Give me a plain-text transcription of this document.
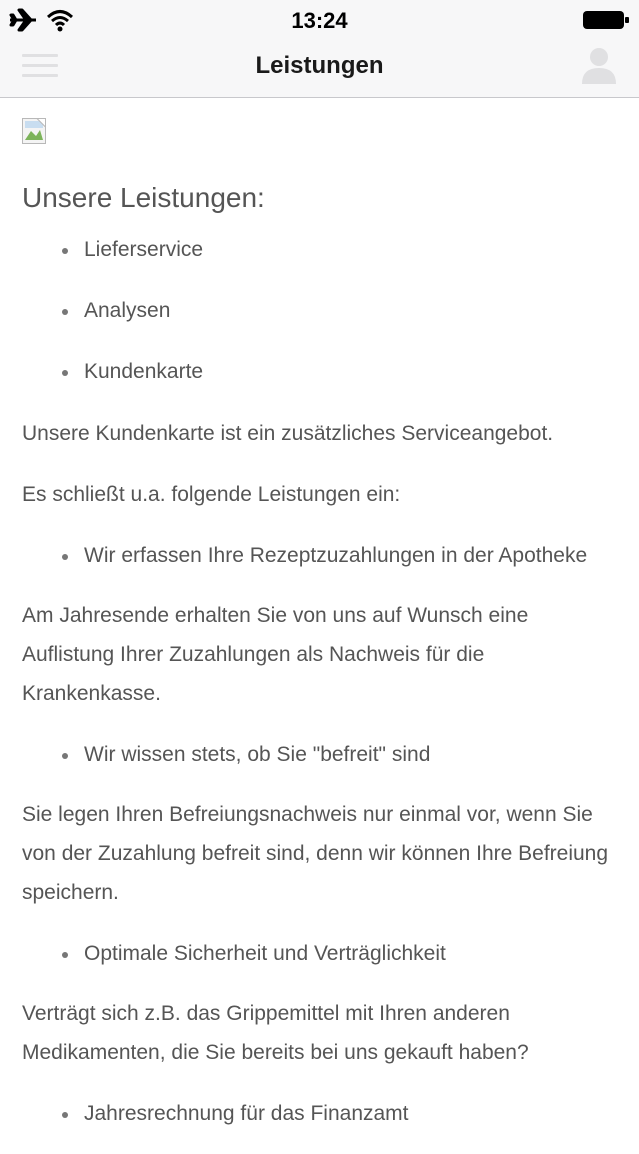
13:24
Leistungen
Unsere Leistungen:
Lieferservice
Analysen
Kundenkarte

Unsere Kundenkarte ist ein zusätzliches Serviceangebot.

Es schließt u.a. folgende Leistungen ein:

Wir erfassen Ihre Rezeptzuzahlungen in der Apotheke

Am Jahresende erhalten Sie von uns auf Wunsch eine Auflistung Ihrer Zuzahlungen als Nachweis für die Krankenkasse.

Wir wissen stets, ob Sie "befreit" sind

Sie legen Ihren Befreiungsnachweis nur einmal vor, wenn Sie von der Zuzahlung befreit sind, denn wir können Ihre Befreiung speichern.

Optimale Sicherheit und Verträglichkeit

Verträgt sich z.B. das Grippemittel mit Ihren anderen Medikamenten, die Sie bereits bei uns gekauft haben?

Jahresrechnung für das Finanzamt
